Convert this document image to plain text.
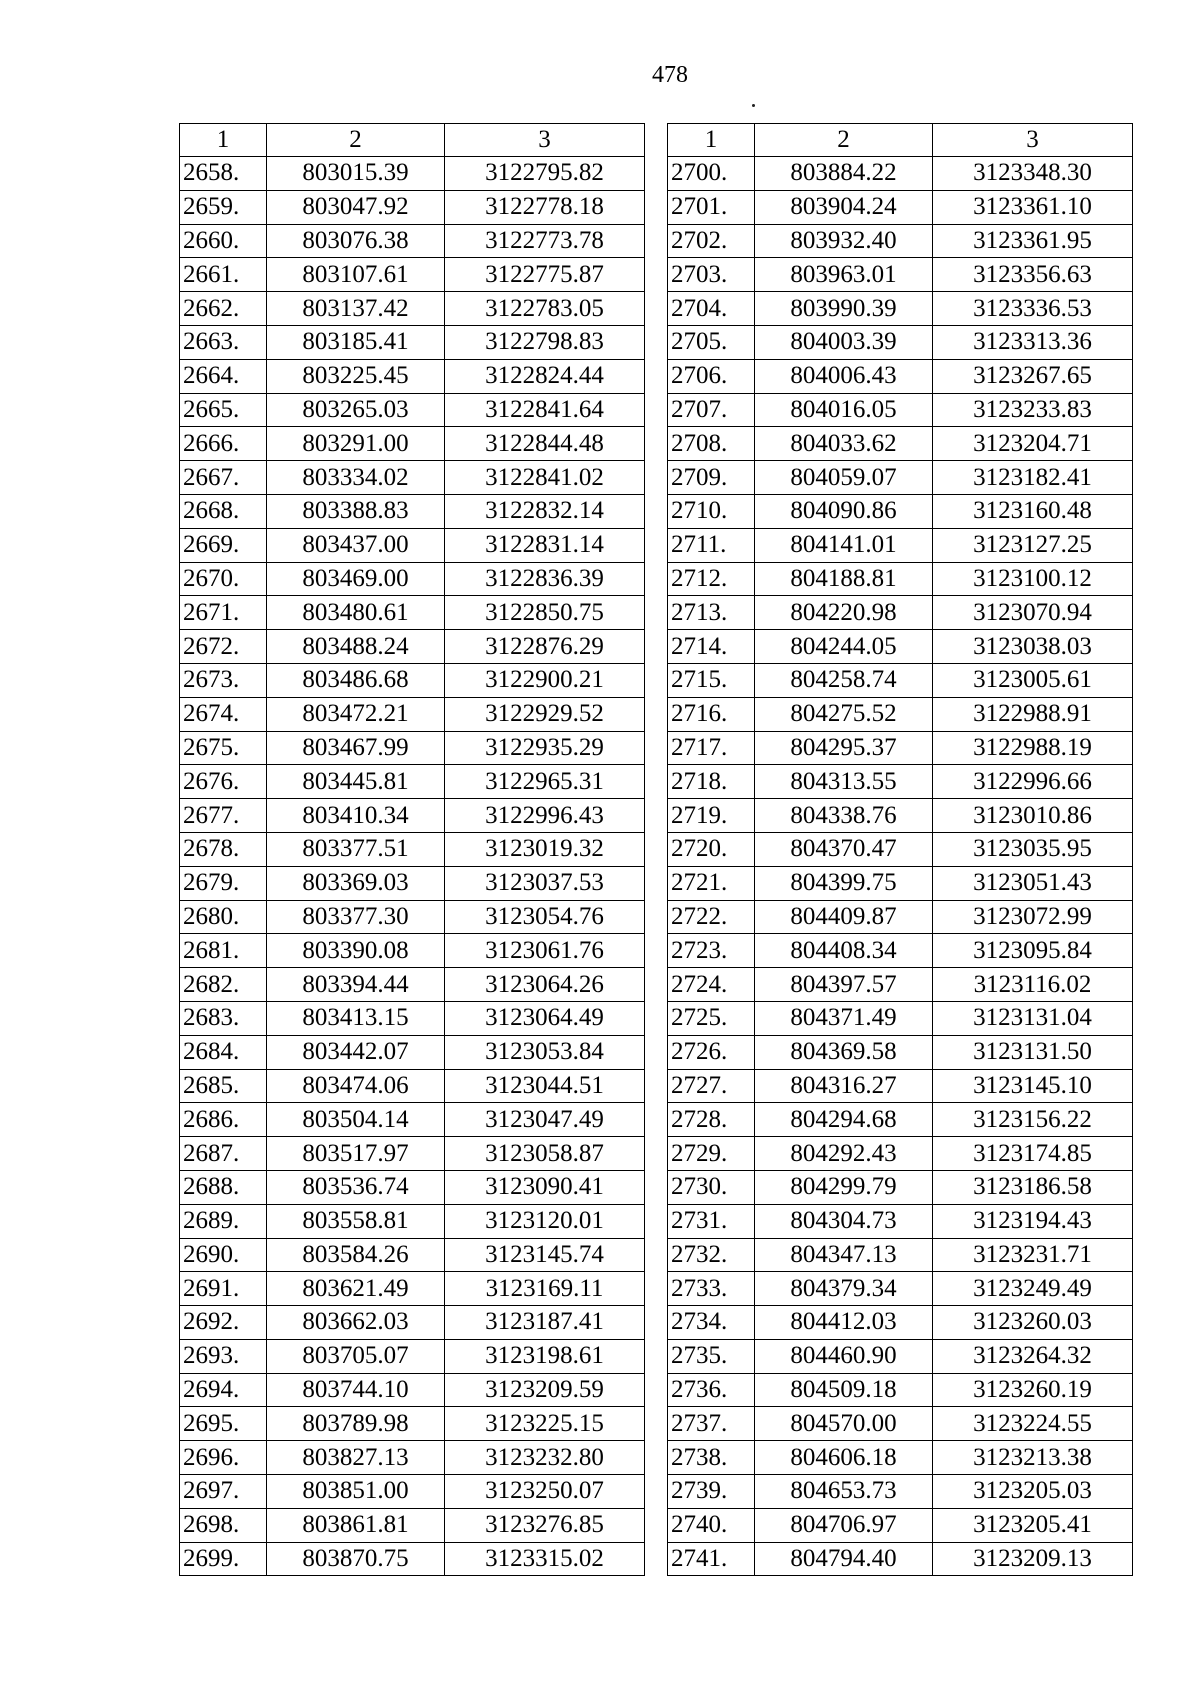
478
1	2	3
2658.	803015.39	3122795.82
2659.	803047.92	3122778.18
2660.	803076.38	3122773.78
2661.	803107.61	3122775.87
2662.	803137.42	3122783.05
2663.	803185.41	3122798.83
2664.	803225.45	3122824.44
2665.	803265.03	3122841.64
2666.	803291.00	3122844.48
2667.	803334.02	3122841.02
2668.	803388.83	3122832.14
2669.	803437.00	3122831.14
2670.	803469.00	3122836.39
2671.	803480.61	3122850.75
2672.	803488.24	3122876.29
2673.	803486.68	3122900.21
2674.	803472.21	3122929.52
2675.	803467.99	3122935.29
2676.	803445.81	3122965.31
2677.	803410.34	3122996.43
2678.	803377.51	3123019.32
2679.	803369.03	3123037.53
2680.	803377.30	3123054.76
2681.	803390.08	3123061.76
2682.	803394.44	3123064.26
2683.	803413.15	3123064.49
2684.	803442.07	3123053.84
2685.	803474.06	3123044.51
2686.	803504.14	3123047.49
2687.	803517.97	3123058.87
2688.	803536.74	3123090.41
2689.	803558.81	3123120.01
2690.	803584.26	3123145.74
2691.	803621.49	3123169.11
2692.	803662.03	3123187.41
2693.	803705.07	3123198.61
2694.	803744.10	3123209.59
2695.	803789.98	3123225.15
2696.	803827.13	3123232.80
2697.	803851.00	3123250.07
2698.	803861.81	3123276.85
2699.	803870.75	3123315.02
1	2	3
2700.	803884.22	3123348.30
2701.	803904.24	3123361.10
2702.	803932.40	3123361.95
2703.	803963.01	3123356.63
2704.	803990.39	3123336.53
2705.	804003.39	3123313.36
2706.	804006.43	3123267.65
2707.	804016.05	3123233.83
2708.	804033.62	3123204.71
2709.	804059.07	3123182.41
2710.	804090.86	3123160.48
2711.	804141.01	3123127.25
2712.	804188.81	3123100.12
2713.	804220.98	3123070.94
2714.	804244.05	3123038.03
2715.	804258.74	3123005.61
2716.	804275.52	3122988.91
2717.	804295.37	3122988.19
2718.	804313.55	3122996.66
2719.	804338.76	3123010.86
2720.	804370.47	3123035.95
2721.	804399.75	3123051.43
2722.	804409.87	3123072.99
2723.	804408.34	3123095.84
2724.	804397.57	3123116.02
2725.	804371.49	3123131.04
2726.	804369.58	3123131.50
2727.	804316.27	3123145.10
2728.	804294.68	3123156.22
2729.	804292.43	3123174.85
2730.	804299.79	3123186.58
2731.	804304.73	3123194.43
2732.	804347.13	3123231.71
2733.	804379.34	3123249.49
2734.	804412.03	3123260.03
2735.	804460.90	3123264.32
2736.	804509.18	3123260.19
2737.	804570.00	3123224.55
2738.	804606.18	3123213.38
2739.	804653.73	3123205.03
2740.	804706.97	3123205.41
2741.	804794.40	3123209.13
